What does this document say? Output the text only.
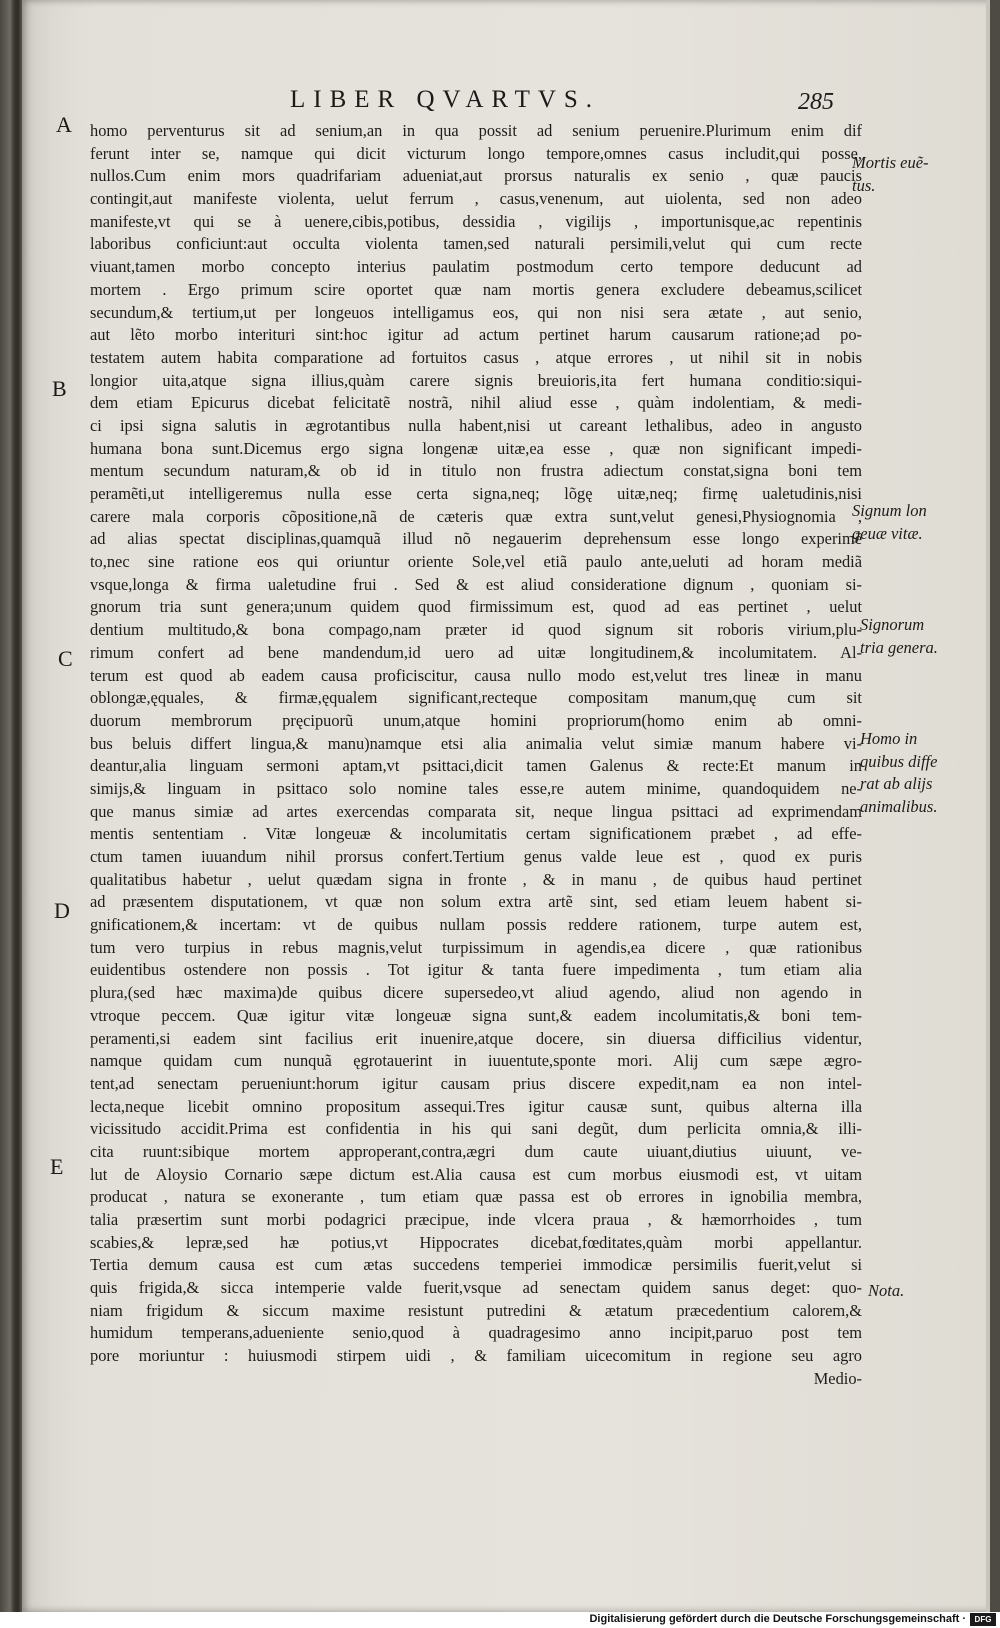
LIBER QVARTVS.	285
A
B
C
D
E
homo perventurus sit ad senium,an in qua possit ad senium peruenire.Plurimum enim dif
ferunt inter se, namque qui dicit victurum longo tempore,omnes casus includit,qui posse,
nullos.Cum enim mors quadrifariam adueniat,aut prorsus naturalis ex senio , quæ paucis
contingit,aut manifeste violenta, uelut ferrum , casus,venenum, aut uiolenta, sed non adeo
manifeste,vt qui se à uenere,cibis,potibus, dessidia , vigilijs , importunisque,ac repentinis
laboribus conficiunt:aut occulta violenta tamen,sed naturali persimili,velut qui cum recte
viuant,tamen morbo concepto interius paulatim postmodum certo tempore deducunt ad
mortem . Ergo primum scire oportet quæ nam mortis genera excludere debeamus,scilicet
secundum,& tertium,ut per longeuos intelligamus eos, qui non nisi sera ætate , aut senio,
aut lẽto morbo interituri sint:hoc igitur ad actum pertinet harum causarum ratione;ad po-
testatem autem habita comparatione ad fortuitos casus , atque errores , ut nihil sit in nobis
longior uita,atque signa illius,quàm carere signis breuioris,ita fert humana conditio:siqui-
dem etiam Epicurus dicebat felicitatẽ nostrã, nihil aliud esse , quàm indolentiam, & medi-
ci ipsi signa salutis in ægrotantibus nulla habent,nisi ut careant lethalibus, adeo in angusto
humana bona sunt.Dicemus ergo signa longenæ uitæ,ea esse , quæ non significant impedi-
mentum secundum naturam,& ob id in titulo non frustra adiectum constat,signa boni tem
peramẽti,ut intelligeremus nulla esse certa signa,neq; lõgę uitæ,neq; firmę ualetudinis,nisi
carere mala corporis cõpositione,nã de cæteris quæ extra sunt,velut genesi,Physiognomia ,
ad alias spectat disciplinas,quamquã illud nõ negauerim deprehensum esse longo experimẽ
to,nec sine ratione eos qui oriuntur oriente Sole,vel etiã paulo ante,ueluti ad horam mediã
vsque,longa & firma ualetudine frui . Sed & est aliud consideratione dignum , quoniam si-
gnorum tria sunt genera;unum quidem quod firmissimum est, quod ad eas pertinet , uelut
dentium multitudo,& bona compago,nam præter id quod signum sit roboris virium,plu-
rimum confert ad bene mandendum,id uero ad uitæ longitudinem,& incolumitatem. Al-
terum est quod ab eadem causa proficiscitur, causa nullo modo est,velut tres lineæ in manu
oblongæ,ęquales, & firmæ,ęqualem significant,recteque compositam manum,quę cum sit
duorum membrorum pręcipuorũ unum,atque homini propriorum(homo enim ab omni-
bus beluis differt lingua,& manu)namque etsi alia animalia velut simiæ manum habere vi-
deantur,alia linguam sermoni aptam,vt psittaci,dicit tamen Galenus & recte:Et manum in
simijs,& linguam in psittaco solo nomine tales esse,re autem minime, quandoquidem ne-
que manus simiæ ad artes exercendas comparata sit, neque lingua psittaci ad exprimendam
mentis sententiam . Vitæ longeuæ & incolumitatis certam significationem præbet , ad effe-
ctum tamen iuuandum nihil prorsus confert.Tertium genus valde leue est , quod ex puris
qualitatibus habetur , uelut quædam signa in fronte , & in manu , de quibus haud pertinet
ad præsentem disputationem, vt quæ non solum extra artẽ sint, sed etiam leuem habent si-
gnificationem,& incertam: vt de quibus nullam possis reddere rationem, turpe autem est,
tum vero turpius in rebus magnis,velut turpissimum in agendis,ea dicere , quæ rationibus
euidentibus ostendere non possis . Tot igitur & tanta fuere impedimenta , tum etiam alia
plura,(sed hæc maxima)de quibus dicere supersedeo,vt aliud agendo, aliud non agendo in
vtroque peccem. Quæ igitur vitæ longeuæ signa sunt,& eadem incolumitatis,& boni tem-
peramenti,si eadem sint facilius erit inuenire,atque docere, sin diuersa difficilius videntur,
namque quidam cum nunquã ęgrotauerint in iuuentute,sponte mori. Alij cum sæpe ægro-
tent,ad senectam perueniunt:horum igitur causam prius discere expedit,nam ea non intel-
lecta,neque licebit omnino propositum assequi.Tres igitur causæ sunt, quibus alterna illa
vicissitudo accidit.Prima est confidentia in his qui sani degũt, dum perlicita omnia,& illi-
cita ruunt:sibique mortem approperant,contra,ægri dum caute uiuant,diutius uiuunt, ve-
lut de Aloysio Cornario sæpe dictum est.Alia causa est cum morbus eiusmodi est, vt uitam
producat , natura se exonerante , tum etiam quæ passa est ob errores in ignobilia membra,
talia præsertim sunt morbi podagrici præcipue, inde vlcera praua , & hæmorrhoides , tum
scabies,& lepræ,sed hæ potius,vt Hippocrates dicebat,fœditates,quàm morbi appellantur.
Tertia demum causa est cum ætas succedens temperiei immodicæ persimilis fuerit,velut si
quis frigida,& sicca intemperie valde fuerit,vsque ad senectam quidem sanus deget: quo-
niam frigidum & siccum maxime resistunt putredini & ætatum præcedentium calorem,&
humidum temperans,adueniente senio,quod à quadragesimo anno incipit,paruo post tem
pore moriuntur : huiusmodi stirpem uidi , & familiam uicecomitum in regione seu agro
Medio-
Mortis euẽ-
tus.
Signum lon
geuæ vitæ.
Signorum
tria genera.
Homo in
quibus diffe
rat ab alijs
animalibus.
Nota.
Digitalisierung gefördert durch die Deutsche Forschungsgemeinschaft ·	DFG
